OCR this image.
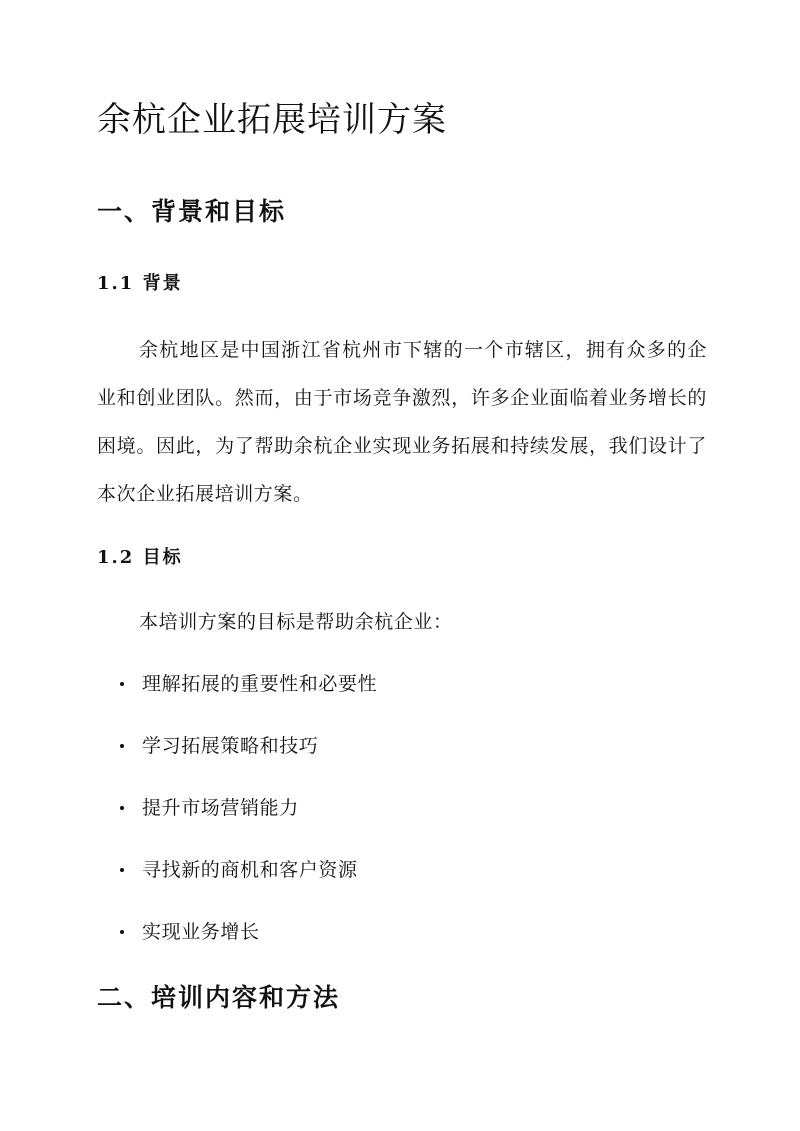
余杭企业拓展培训方案
一、背景和目标
1.1 背景

余杭地区是中国浙江省杭州市下辖的一个市辖区，拥有众多的企业和创业团队。然而，由于市场竞争激烈，许多企业面临着业务增长的困境。因此，为了帮助余杭企业实现业务拓展和持续发展，我们设计了本次企业拓展培训方案。

1.2 目标

本培训方案的目标是帮助余杭企业：

理解拓展的重要性和必要性
学习拓展策略和技巧
提升市场营销能力
寻找新的商机和客户资源
实现业务增长
二、培训内容和方法
